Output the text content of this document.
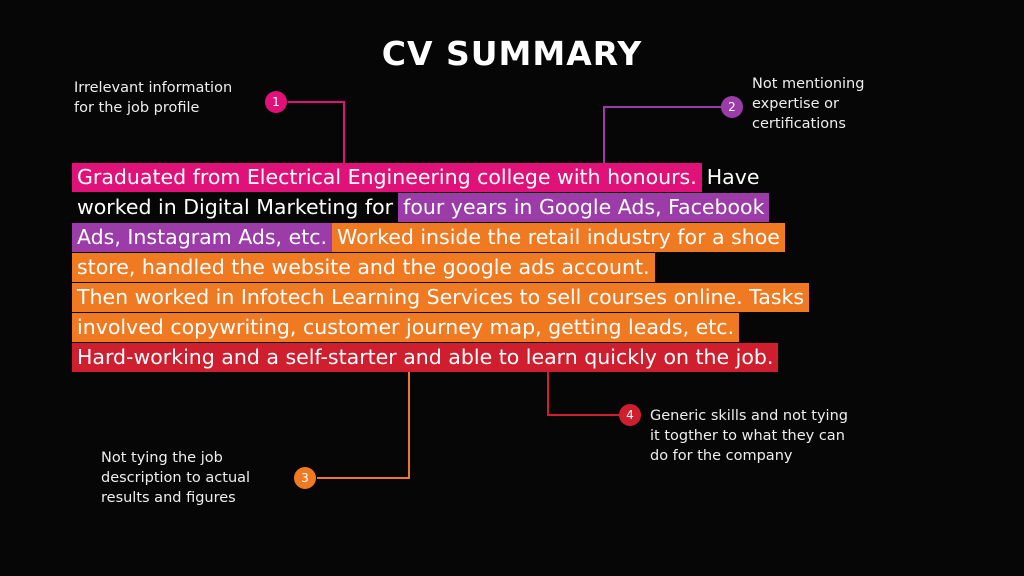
CV SUMMARY
Graduated from Electrical Engineering college with honours. Have
worked in Digital Marketing for four years in Google Ads, Facebook
Ads, Instagram Ads, etc. Worked inside the retail industry for a shoe
store, handled the website and the google ads account.
Then worked in Infotech Learning Services to sell courses online. Tasks
involved copywriting, customer journey map, getting leads, etc.
Hard-working and a self-starter and able to learn quickly on the job.
1
Irrelevant information
for the job profile	2
Not mentioning
expertise or
certifications
3
Not tying the job
description to actual
results and figures
4	Generic skills and not tying
it togther to what they can
do for the company
